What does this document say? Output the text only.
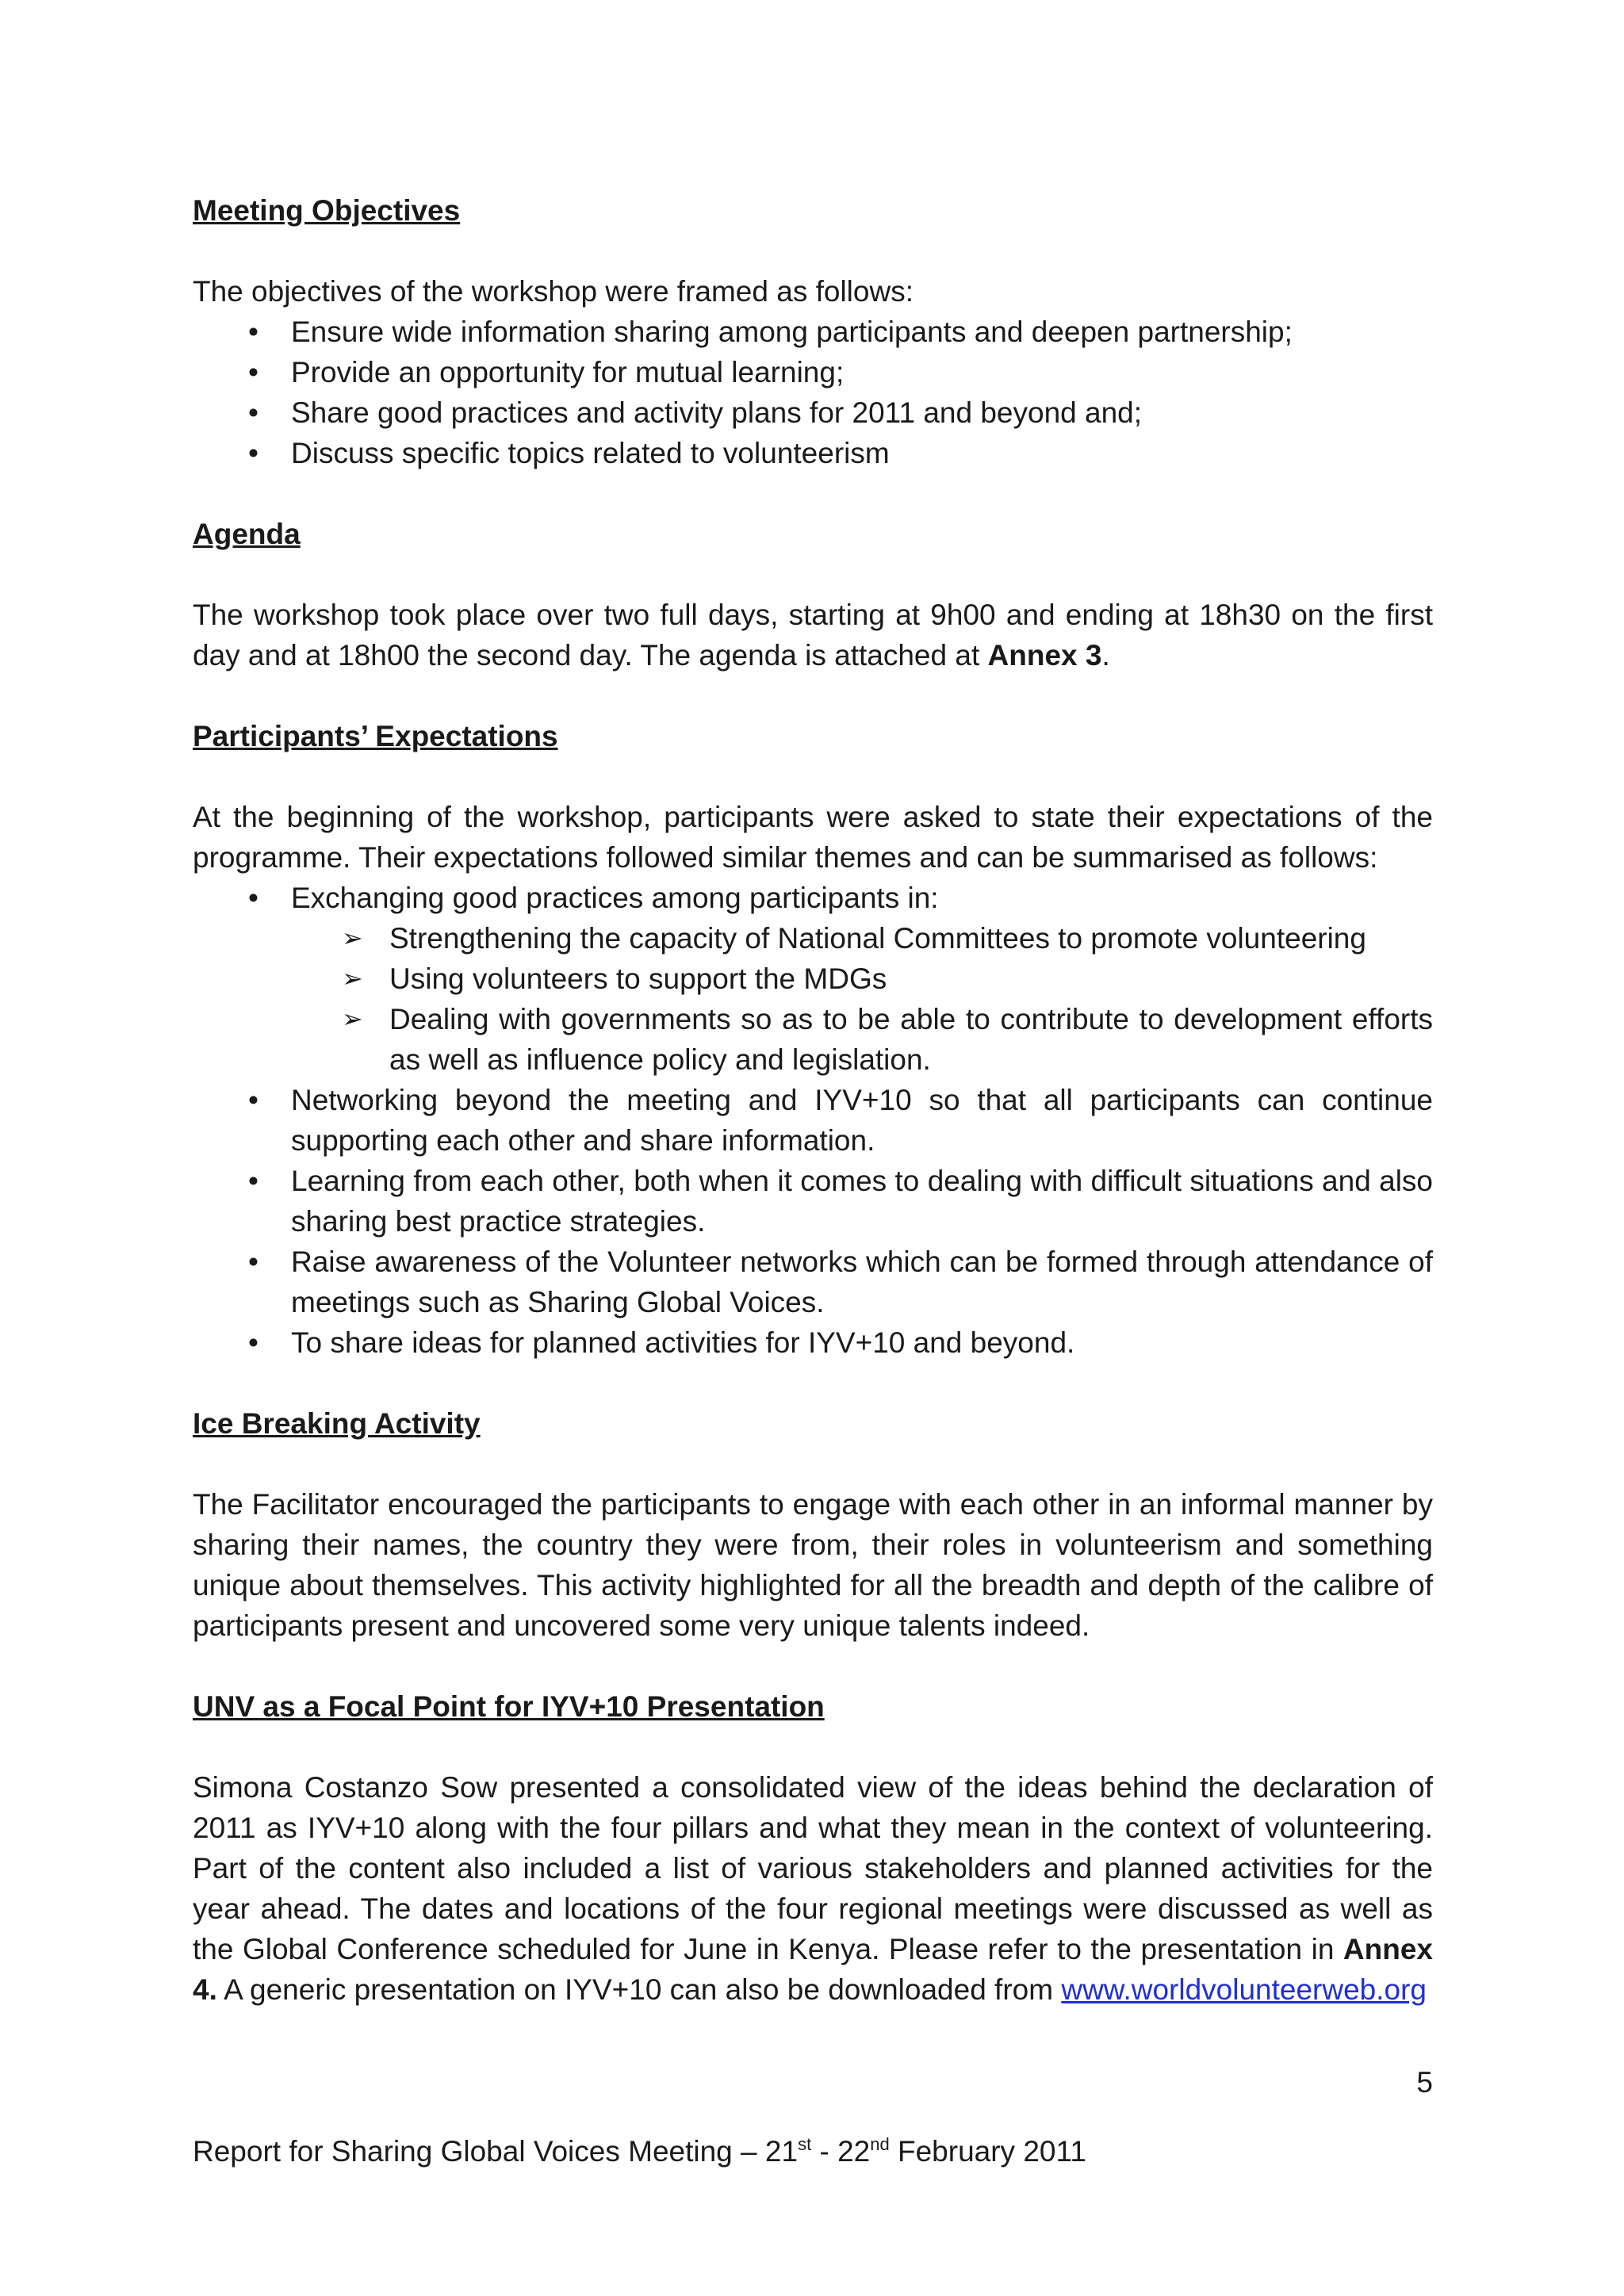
Meeting Objectives

The objectives of the workshop were framed as follows:

• Ensure wide information sharing among participants and deepen partnership;
• Provide an opportunity for mutual learning;
• Share good practices and activity plans for 2011 and beyond and;
• Discuss specific topics related to volunteerism

Agenda

The workshop took place over two full days, starting at 9h00 and ending at 18h30 on the first day and at 18h00 the second day. The agenda is attached at Annex 3.

Participants’ Expectations

At the beginning of the workshop, participants were asked to state their expectations of the programme. Their expectations followed similar themes and can be summarised as follows:

• Exchanging good practices among participants in:
➢ Strengthening the capacity of National Committees to promote volunteering
➢ Using volunteers to support the MDGs
➢ Dealing with governments so as to be able to contribute to development efforts as well as influence policy and legislation.
• Networking beyond the meeting and IYV+10 so that all participants can continue supporting each other and share information.
• Learning from each other, both when it comes to dealing with difficult situations and also sharing best practice strategies.
• Raise awareness of the Volunteer networks which can be formed through attendance of meetings such as Sharing Global Voices.
• To share ideas for planned activities for IYV+10 and beyond.

Ice Breaking Activity

The Facilitator encouraged the participants to engage with each other in an informal manner by sharing their names, the country they were from, their roles in volunteerism and something unique about themselves. This activity highlighted for all the breadth and depth of the calibre of participants present and uncovered some very unique talents indeed.

UNV as a Focal Point for IYV+10 Presentation

Simona Costanzo Sow presented a consolidated view of the ideas behind the declaration of 2011 as IYV+10 along with the four pillars and what they mean in the context of volunteering. Part of the content also included a list of various stakeholders and planned activities for the year ahead. The dates and locations of the four regional meetings were discussed as well as the Global Conference scheduled for June in Kenya. Please refer to the presentation in Annex 4. A generic presentation on IYV+10 can also be downloaded from www.worldvolunteerweb.org

5
Report for Sharing Global Voices Meeting – 21st - 22nd February 2011
